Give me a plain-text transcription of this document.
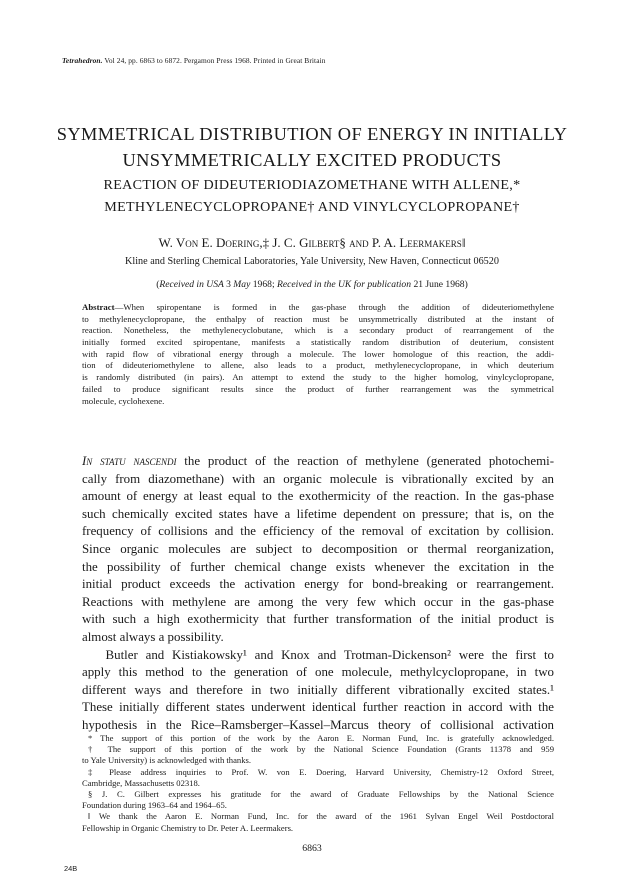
Tetrahedron. Vol 24, pp. 6863 to 6872. Pergamon Press 1968. Printed in Great Britain
SYMMETRICAL DISTRIBUTION OF ENERGY IN INITIALLY
UNSYMMETRICALLY EXCITED PRODUCTS
REACTION OF DIDEUTERIODIAZOMETHANE WITH ALLENE,*
METHYLENECYCLOPROPANE† AND VINYLCYCLOPROPANE†
W. Von E. Doering,‡ J. C. Gilbert§ and P. A. Leermakers‖
Kline and Sterling Chemical Laboratories, Yale University, New Haven, Connecticut 06520
(Received in USA 3 May 1968; Received in the UK for publication 21 June 1968)
Abstract—When spiropentane is formed in the gas-phase through the addition of dideuteriomethylene
to methylenecyclopropane, the enthalpy of reaction must be unsymmetrically distributed at the instant of
reaction. Nonetheless, the methylenecyclobutane, which is a secondary product of rearrangement of the
initially formed excited spiropentane, manifests a statistically random distribution of deuterium, consistent
with rapid flow of vibrational energy through a molecule. The lower homologue of this reaction, the addi-
tion of dideuteriomethylene to allene, also leads to a product, methylenecyclopropane, in which deuterium
is randomly distributed (in pairs). An attempt to extend the study to the higher homolog, vinylcyclopropane,
failed to produce significant results since the product of further rearrangement was the symmetrical
molecule, cyclohexene.
In statu nascendi the product of the reaction of methylene (generated photochemi-
cally from diazomethane) with an organic molecule is vibrationally excited by an
amount of energy at least equal to the exothermicity of the reaction. In the gas-phase
such chemically excited states have a lifetime dependent on pressure; that is, on the
frequency of collisions and the efficiency of the removal of excitation by collision.
Since organic molecules are subject to decomposition or thermal reorganization,
the possibility of further chemical change exists whenever the excitation in the
initial product exceeds the activation energy for bond-breaking or rearrangement.
Reactions with methylene are among the very few which occur in the gas-phase
with such a high exothermicity that further transformation of the initial product is
almost always a possibility.
Butler and Kistiakowsky¹ and Knox and Trotman-Dickenson² were the first to
apply this method to the generation of one molecule, methylcyclopropane, in two
different ways and therefore in two initially different vibrationally excited states.¹
These initially different states underwent identical further reaction in accord with the
hypothesis in the Rice–Ramsberger–Kassel–Marcus theory of collisional activation
* The support of this portion of the work by the Aaron E. Norman Fund, Inc. is gratefully acknowledged.
† The support of this portion of the work by the National Science Foundation (Grants 11378 and 959
to Yale University) is acknowledged with thanks.
‡ Please address inquiries to Prof. W. von E. Doering, Harvard University, Chemistry-12 Oxford Street,
Cambridge, Massachusetts 02318.
§ J. C. Gilbert expresses his gratitude for the award of Graduate Fellowships by the National Science
Foundation during 1963–64 and 1964–65.
‖ We thank the Aaron E. Norman Fund, Inc. for the award of the 1961 Sylvan Engel Weil Postdoctoral
Fellowship in Organic Chemistry to Dr. Peter A. Leermakers.
6863
24B
